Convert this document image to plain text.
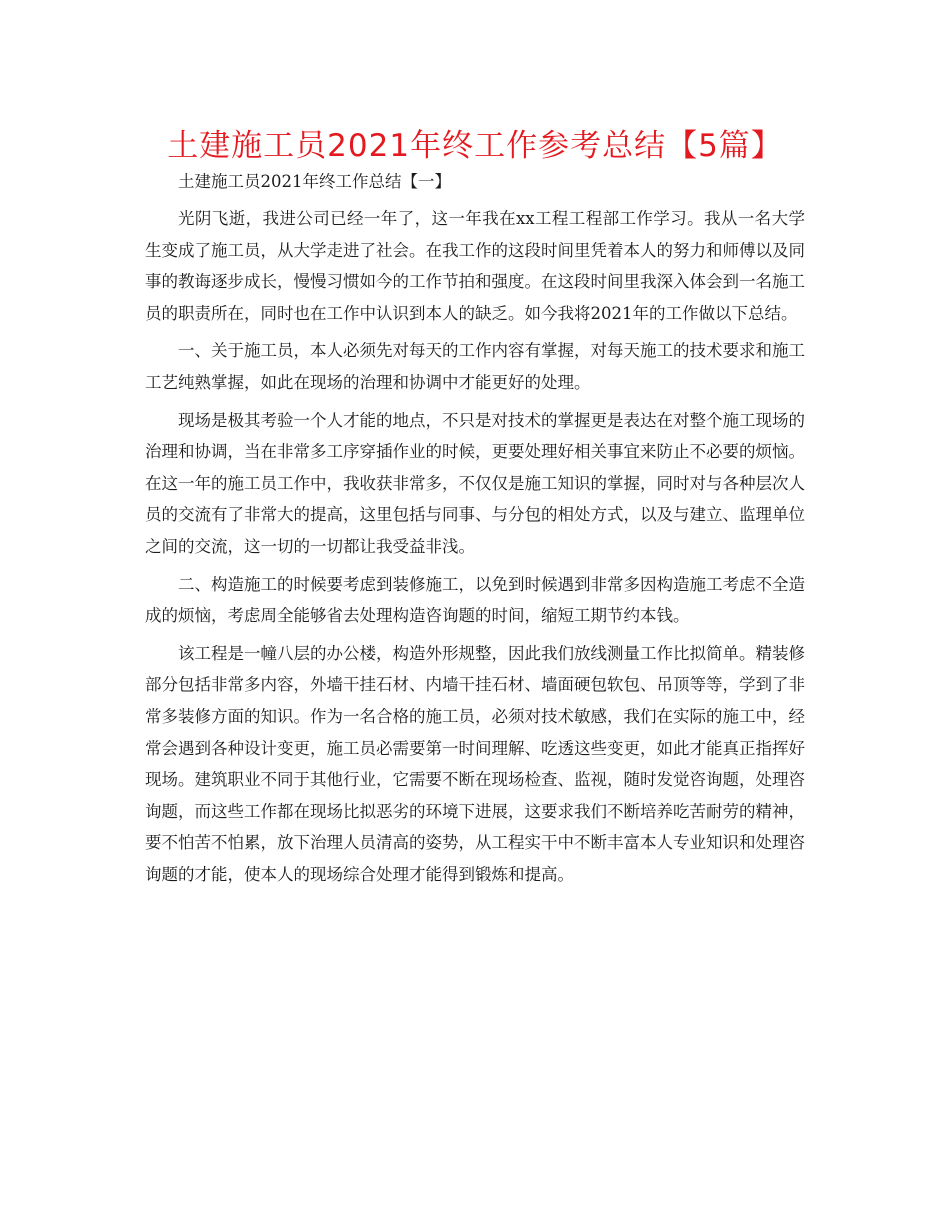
土建施工员2021年终工作参考总结【5篇】

土建施工员2021年终工作总结【一】

光阴飞逝，我进公司已经一年了，这一年我在xx工程工程部工作学习。我从一名大学生变成了施工员，从大学走进了社会。在我工作的这段时间里凭着本人的努力和师傅以及同事的教诲逐步成长，慢慢习惯如今的工作节拍和强度。在这段时间里我深入体会到一名施工员的职责所在，同时也在工作中认识到本人的缺乏。如今我将2021年的工作做以下总结。

一、关于施工员，本人必须先对每天的工作内容有掌握，对每天施工的技术要求和施工工艺纯熟掌握，如此在现场的治理和协调中才能更好的处理。

现场是极其考验一个人才能的地点，不只是对技术的掌握更是表达在对整个施工现场的治理和协调，当在非常多工序穿插作业的时候，更要处理好相关事宜来防止不必要的烦恼。在这一年的施工员工作中，我收获非常多，不仅仅是施工知识的掌握，同时对与各种层次人员的交流有了非常大的提高，这里包括与同事、与分包的相处方式，以及与建立、监理单位之间的交流，这一切的一切都让我受益非浅。

二、构造施工的时候要考虑到装修施工，以免到时候遇到非常多因构造施工考虑不全造成的烦恼，考虑周全能够省去处理构造咨询题的时间，缩短工期节约本钱。

该工程是一幢八层的办公楼，构造外形规整，因此我们放线测量工作比拟简单。精装修部分包括非常多内容，外墙干挂石材、内墙干挂石材、墙面硬包软包、吊顶等等，学到了非常多装修方面的知识。作为一名合格的施工员，必须对技术敏感，我们在实际的施工中，经常会遇到各种设计变更，施工员必需要第一时间理解、吃透这些变更，如此才能真正指挥好现场。建筑职业不同于其他行业，它需要不断在现场检查、监视，随时发觉咨询题，处理咨询题，而这些工作都在现场比拟恶劣的环境下进展，这要求我们不断培养吃苦耐劳的精神，要不怕苦不怕累，放下治理人员清高的姿势，从工程实干中不断丰富本人专业知识和处理咨询题的才能，使本人的现场综合处理才能得到锻炼和提高。
